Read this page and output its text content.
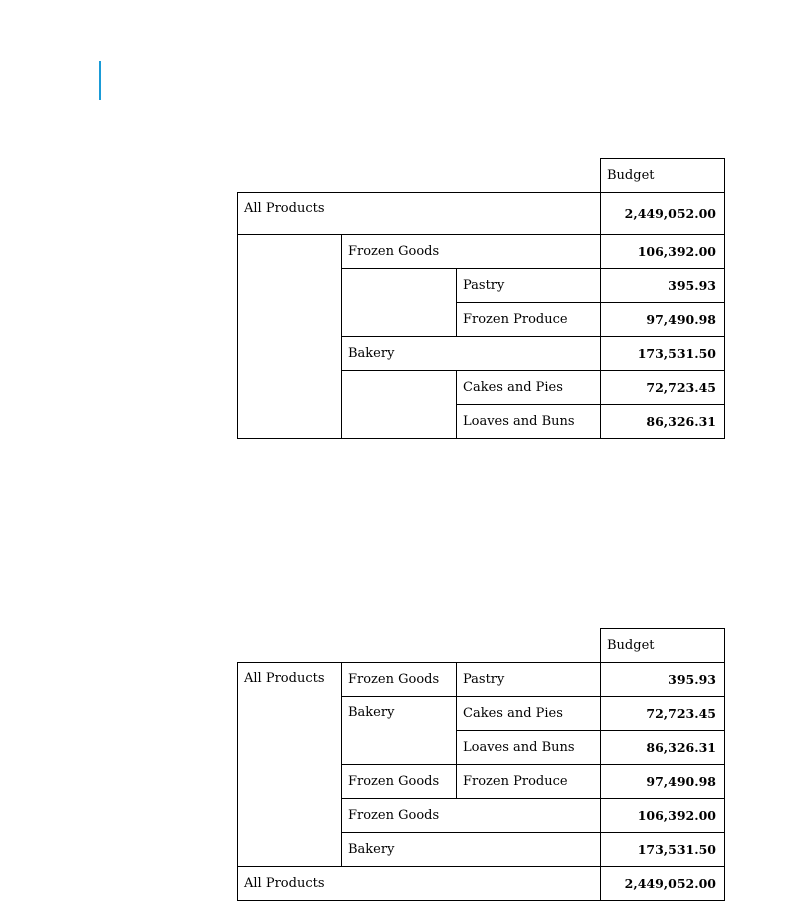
			Budget
All Products			2,449,052.00
	Frozen Goods		106,392.00
		Pastry	395.93
		Frozen Produce	97,490.98
	Bakery		173,531.50
		Cakes and Pies	72,723.45
		Loaves and Buns	86,326.31
			Budget
All Products	Frozen Goods	Pastry	395.93
	Bakery	Cakes and Pies	72,723.45
		Loaves and Buns	86,326.31
	Frozen Goods	Frozen Produce	97,490.98
	Frozen Goods		106,392.00
	Bakery		173,531.50
All Products			2,449,052.00
